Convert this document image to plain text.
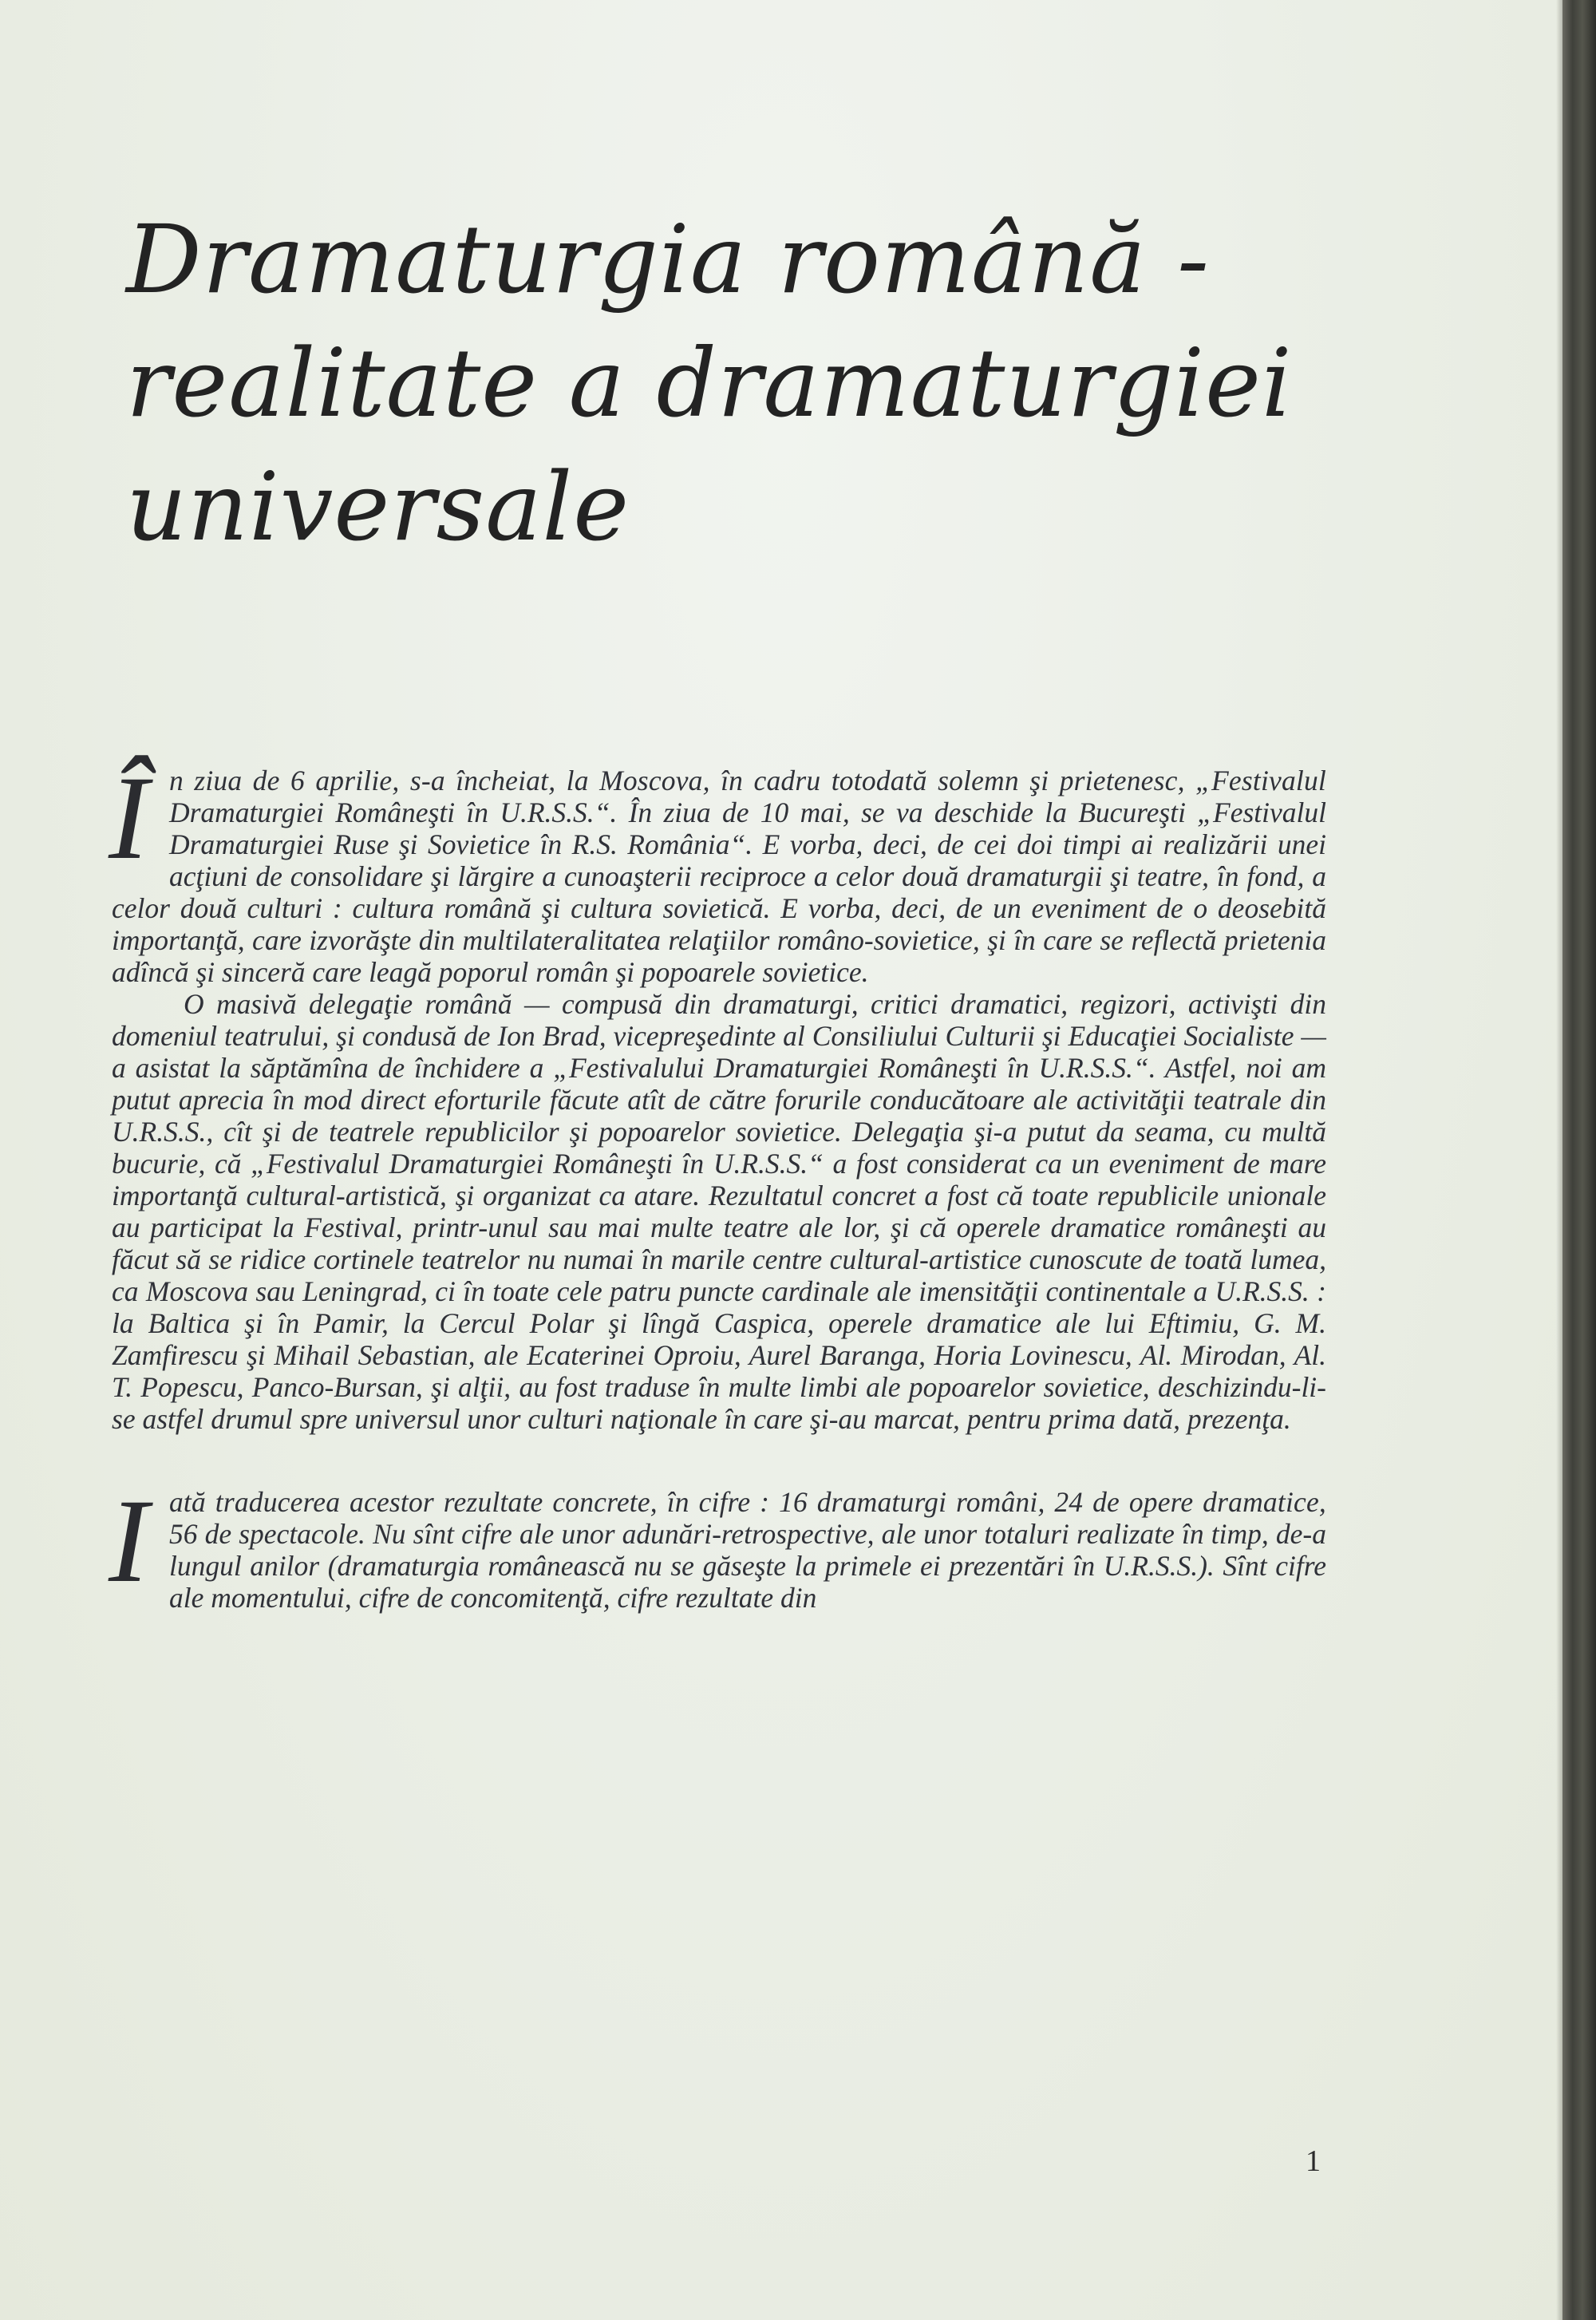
Dramaturgia română -
realitate a dramaturgiei
universale

În ziua de 6 aprilie, s-a încheiat, la Moscova, în cadru totodată solemn şi prietenesc, „Festivalul Dramaturgiei Româneşti în U.R.S.S.“. În ziua de 10 mai, se va deschide la Bucureşti „Festivalul Dramaturgiei Ruse şi Sovietice în R.S. România“. E vorba, deci, de cei doi timpi ai realizării unei acţiuni de consolidare şi lărgire a cunoaşterii reciproce a celor două dramaturgii şi teatre, în fond, a celor două culturi : cultura română şi cultura sovietică. E vorba, deci, de un eveniment de o deosebită importanţă, care izvorăşte din multilateralitatea relaţiilor româno-sovietice, şi în care se reflectă prietenia adîncă şi sinceră care leagă poporul român şi popoarele sovietice.

O masivă delegaţie română — compusă din dramaturgi, critici dramatici, regizori, activişti din domeniul teatrului, şi condusă de Ion Brad, vicepreşedinte al Consiliului Culturii şi Educaţiei Socialiste — a asistat la săptămîna de închidere a „Festivalului Dramaturgiei Româneşti în U.R.S.S.“. Astfel, noi am putut aprecia în mod direct eforturile făcute atît de către forurile conducătoare ale activităţii teatrale din U.R.S.S., cît şi de teatrele republicilor şi popoarelor sovietice. Delegaţia şi-a putut da seama, cu multă bucurie, că „Festivalul Dramaturgiei Româneşti în U.R.S.S.“ a fost considerat ca un eveniment de mare importanţă cultural-artistică, şi organizat ca atare. Rezultatul concret a fost că toate republicile unionale au participat la Festival, printr-unul sau mai multe teatre ale lor, şi că operele dramatice româneşti au făcut să se ridice cortinele teatrelor nu numai în marile centre cultural-artistice cunoscute de toată lumea, ca Moscova sau Leningrad, ci în toate cele patru puncte cardinale ale imensităţii continentale a U.R.S.S. : la Baltica şi în Pamir, la Cercul Polar şi lîngă Caspica, operele dramatice ale lui Eftimiu, G. M. Zamfirescu şi Mihail Sebastian, ale Ecaterinei Oproiu, Aurel Baranga, Horia Lovinescu, Al. Mirodan, Al. T. Popescu, Panco-Bursan, şi alţii, au fost traduse în multe limbi ale popoarelor sovietice, deschizindu-li-se astfel drumul spre universul unor culturi naţionale în care şi-au marcat, pentru prima dată, prezenţa.

Iată traducerea acestor rezultate concrete, în cifre : 16 dramaturgi români, 24 de opere dramatice, 56 de spectacole. Nu sînt cifre ale unor adunări-retrospective, ale unor totaluri realizate în timp, de-a lungul anilor (dramaturgia românească nu se găseşte la primele ei prezentări în U.R.S.S.). Sînt cifre ale momentului, cifre de concomitenţă, cifre rezultate din

1
